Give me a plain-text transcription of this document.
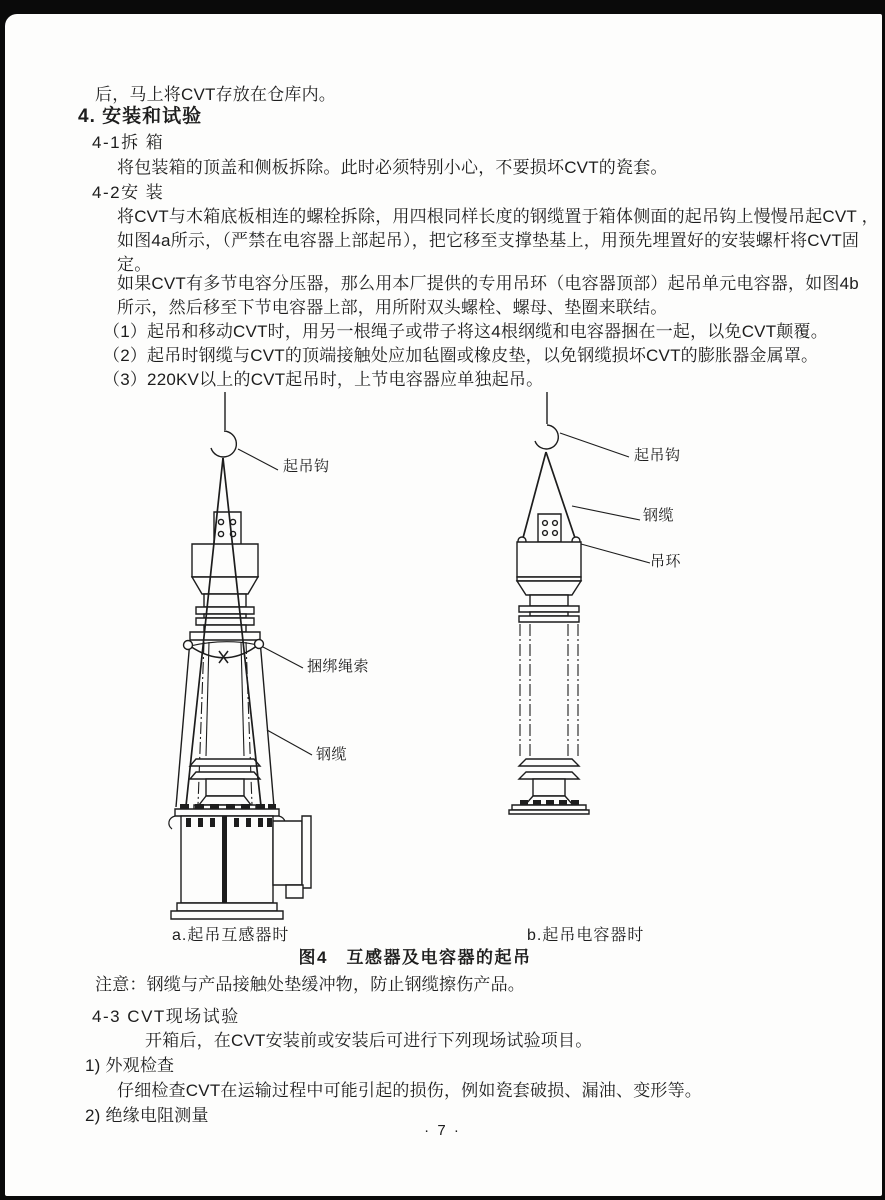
后，马上将CVT存放在仓库内。
4. 安装和试验
4-1拆 箱
将包装箱的顶盖和侧板拆除。此时必须特别小心，不要损坏CVT的瓷套。
4-2安 装
将CVT与木箱底板相连的螺栓拆除，用四根同样长度的钢缆置于箱体侧面的起吊钩上慢慢吊起CVT ，
如图4a所示，（严禁在电容器上部起吊），把它移至支撑垫基上，用预先埋置好的安装螺杆将CVT固
定。
如果CVT有多节电容分压器，那么用本厂提供的专用吊环（电容器顶部）起吊单元电容器，如图4b
所示，然后移至下节电容器上部，用所附双头螺栓、螺母、垫圈来联结。
（1）起吊和移动CVT时，用另一根绳子或带子将这4根纲缆和电容器捆在一起，以免CVT颠覆。
（2）起吊时钢缆与CVT的顶端接触处应加毡圈或橡皮垫，以免钢缆损坏CVT的膨胀器金属罩。
（3）220KV以上的CVT起吊时，上节电容器应单独起吊。
起吊钩
捆绑绳索
钢缆
起吊钩
钢缆
吊环
a.起吊互感器时	b.起吊电容器时
图4　互感器及电容器的起吊
注意：钢缆与产品接触处垫缓冲物，防止钢缆擦伤产品。
4-3 CVT现场试验
开箱后，在CVT安装前或安装后可进行下列现场试验项目。
1) 外观检查
仔细检查CVT在运输过程中可能引起的损伤，例如瓷套破损、漏油、变形等。
2) 绝缘电阻测量
· 7 ·
